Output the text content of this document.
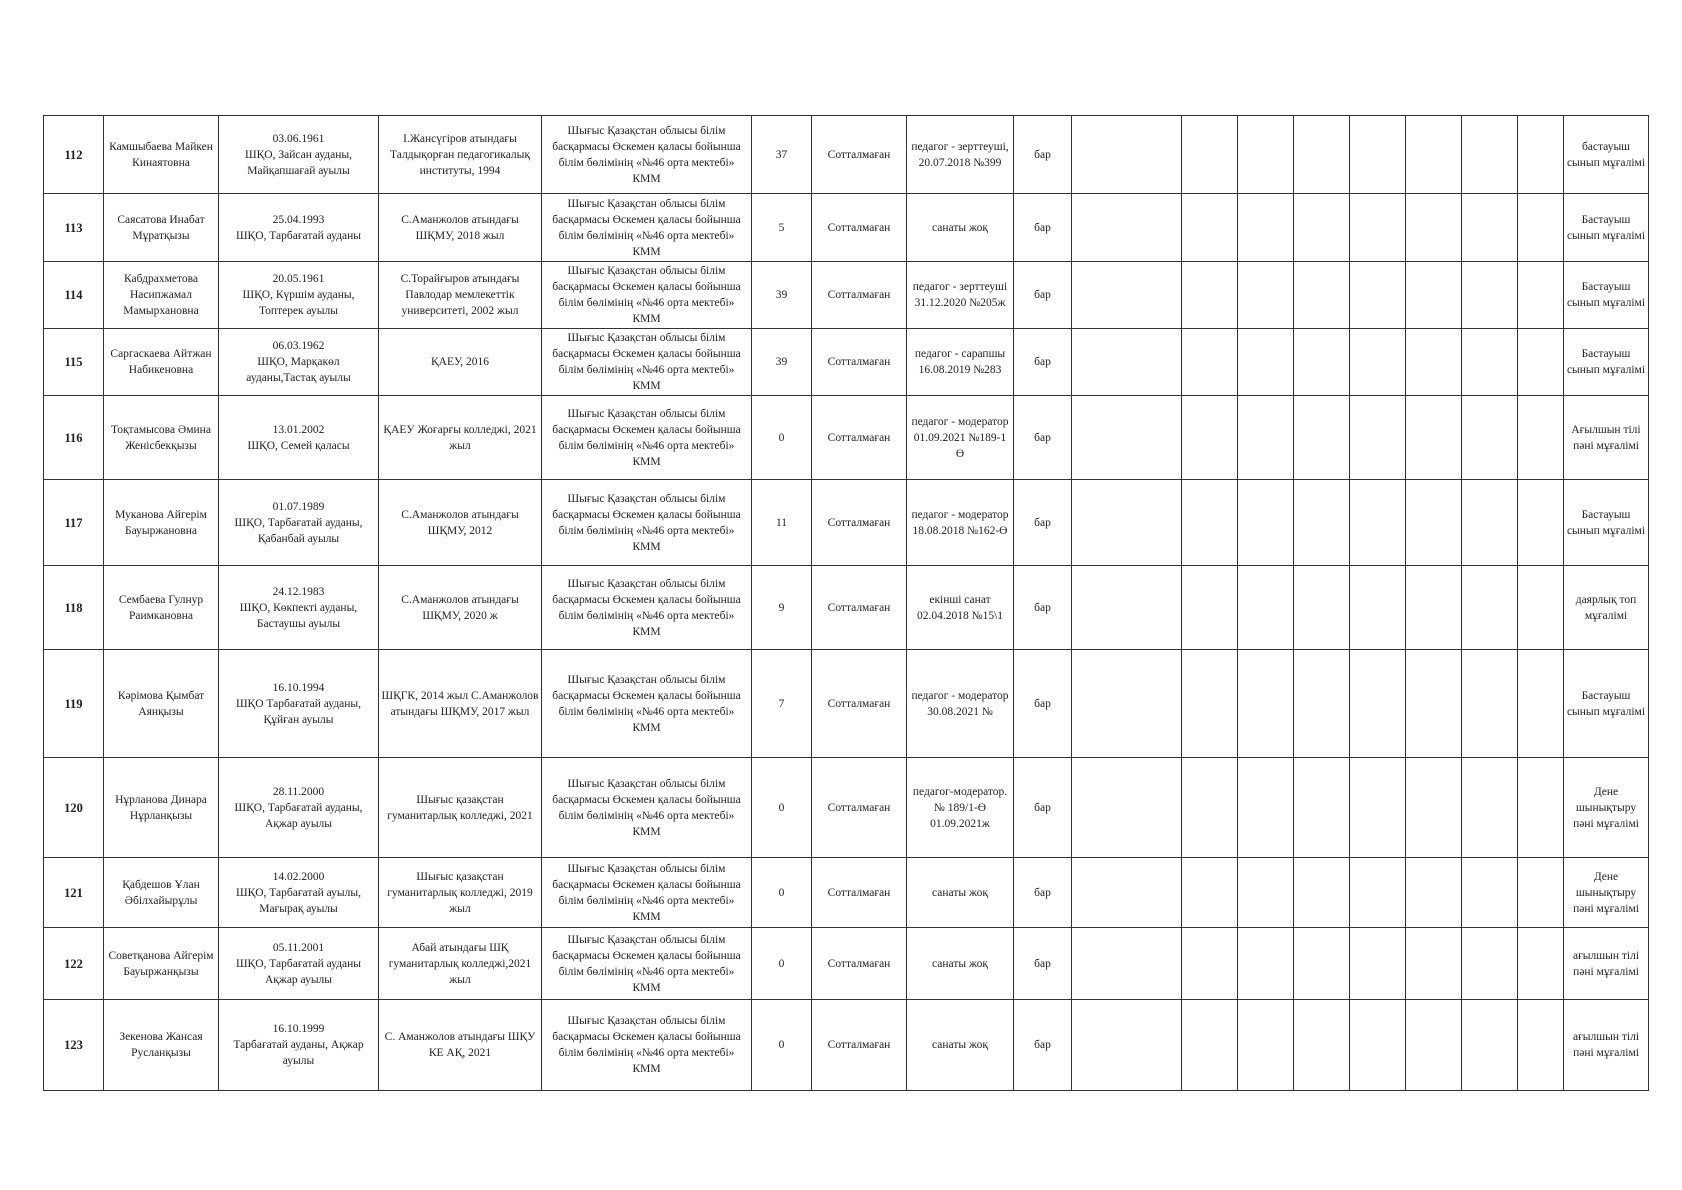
112	Камшыбаева Майкен Кинаятовна	03.06.1961
ШҚО, Зайсан ауданы, Майқапшағай ауылы	І.Жансүгіров атындағы Талдықорған педагогикалық институты, 1994	Шығыс Қазақстан облысы білім басқармасы Өскемен қаласы бойынша білім бөлімінің «№46 орта мектебі» КММ	37	Сотталмаған	педагог - зерттеуші, 20.07.2018 №399	бар									бастауыш сынып мұғалімі
113	Саясатова Инабат Мұратқызы	25.04.1993
ШҚО, Тарбағатай ауданы	С.Аманжолов атындағы ШҚМУ, 2018 жыл	Шығыс Қазақстан облысы білім басқармасы Өскемен қаласы бойынша білім бөлімінің «№46 орта мектебі» КММ	5	Сотталмаған	санаты жоқ	бар									Бастауыш сынып мұғалімі
114	Кабдрахметова Насипжамал Мамырхановна	20.05.1961
ШҚО, Күршім ауданы, Топтерек ауылы	С.Торайғыров атындағы Павлодар мемлекеттік университеті, 2002 жыл	Шығыс Қазақстан облысы білім басқармасы Өскемен қаласы бойынша білім бөлімінің «№46 орта мектебі» КММ	39	Сотталмаған	педагог - зерттеуші 31.12.2020 №205ж	бар									Бастауыш сынып мұғалімі
115	Саргаскаева Айтжан Набикеновна	06.03.1962
ШҚО, Марқакөл ауданы,Тастақ ауылы	ҚАЕУ, 2016	Шығыс Қазақстан облысы білім басқармасы Өскемен қаласы бойынша білім бөлімінің «№46 орта мектебі» КММ	39	Сотталмаған	педагог - сарапшы 16.08.2019 №283	бар									Бастауыш сынып мұғалімі
116	Тоқтамысова Әмина Женісбекқызы	13.01.2002
ШҚО, Семей қаласы	ҚАЕУ Жоғарғы колледжі, 2021 жыл	Шығыс Қазақстан облысы білім басқармасы Өскемен қаласы бойынша білім бөлімінің «№46 орта мектебі» КММ	0	Сотталмаған	педагог - модератор 01.09.2021 №189-1 Ө	бар									Ағылшын тілі пәні мұғалімі
117	Муканова Айгерім Бауыржановна	01.07.1989
ШҚО, Тарбағатай ауданы, Қабанбай ауылы	С.Аманжолов атындағы ШҚМУ, 2012	Шығыс Қазақстан облысы білім басқармасы Өскемен қаласы бойынша білім бөлімінің «№46 орта мектебі» КММ	11	Сотталмаған	педагог - модератор 18.08.2018 №162-Ө	бар									Бастауыш сынып мұғалімі
118	Сембаева Гулнур Раимкановна	24.12.1983
ШҚО, Көкпекті ауданы, Бастаушы ауылы	С.Аманжолов атындағы ШҚМУ, 2020 ж	Шығыс Қазақстан облысы білім басқармасы Өскемен қаласы бойынша білім бөлімінің «№46 орта мектебі» КММ	9	Сотталмаған	екінші санат 02.04.2018 №15\1	бар									даярлық топ мұғалімі
119	Кәрімова Қымбат Аянқызы	16.10.1994
ШҚО Тарбағатай ауданы, Құйған ауылы	ШҚГК, 2014 жыл С.Аманжолов атындағы ШҚМУ, 2017 жыл	Шығыс Қазақстан облысы білім басқармасы Өскемен қаласы бойынша білім бөлімінің «№46 орта мектебі» КММ	7	Сотталмаған	педагог - модератор 30.08.2021 №	бар									Бастауыш сынып мұғалімі
120	Нұрланова Динара Нұрланқызы	28.11.2000
ШҚО, Тарбағатай ауданы, Ақжар ауылы	Шығыс қазақстан гуманитарлық колледжі, 2021	Шығыс Қазақстан облысы білім басқармасы Өскемен қаласы бойынша білім бөлімінің «№46 орта мектебі» КММ	0	Сотталмаған	педагог-модератор. № 189/1-Ө 01.09.2021ж	бар									Дене шынықтыру пәні мұғалімі
121	Қабдешов Ұлан Әбілхайырұлы	14.02.2000
ШҚО, Тарбағатай ауылы, Мағырақ ауылы	Шығыс қазақстан гуманитарлық колледжі, 2019 жыл	Шығыс Қазақстан облысы білім басқармасы Өскемен қаласы бойынша білім бөлімінің «№46 орта мектебі» КММ	0	Сотталмаған	санаты жоқ	бар									Дене шынықтыру пәні мұғалімі
122	Советқанова Айгерім Бауыржанқызы	05.11.2001
ШҚО, Тарбағатай ауданы Ақжар ауылы	Абай атындағы ШҚ гуманитарлық колледжі,2021 жыл	Шығыс Қазақстан облысы білім басқармасы Өскемен қаласы бойынша білім бөлімінің «№46 орта мектебі» КММ	0	Сотталмаған	санаты жоқ	бар									ағылшын тілі пәні мұғалімі
123	Зекенова Жансая Русланқызы	16.10.1999
Тарбағатай ауданы, Ақжар ауылы	С. Аманжолов атындағы ШҚУ КЕ АҚ, 2021	Шығыс Қазақстан облысы білім басқармасы Өскемен қаласы бойынша білім бөлімінің «№46 орта мектебі» КММ	0	Сотталмаған	санаты жоқ	бар									ағылшын тілі пәні мұғалімі
